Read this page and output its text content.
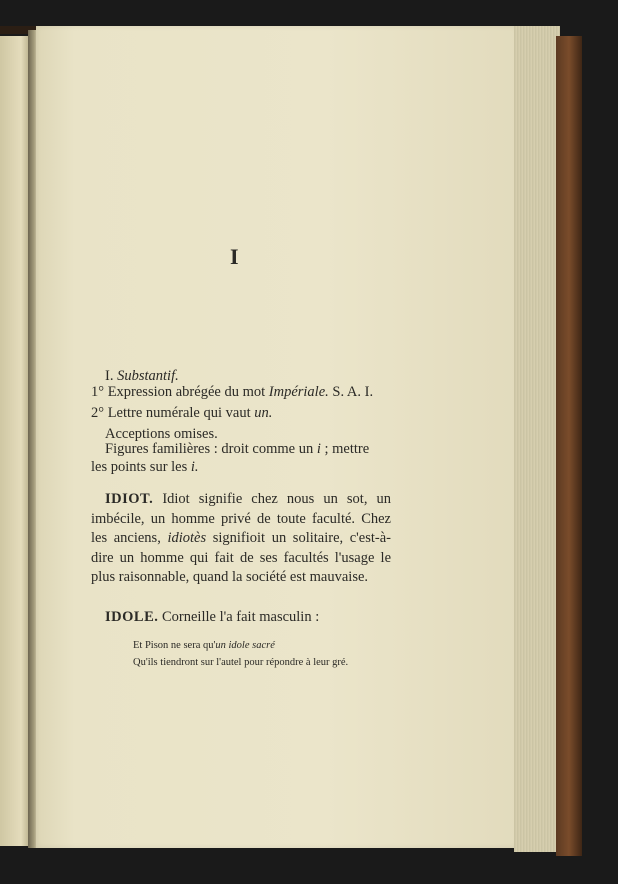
I
I. Substantif.
1° Expression abrégée du mot Impériale. S. A. I.
2° Lettre numérale qui vaut un.
Acceptions omises.
Figures familières : droit comme un i ; mettre
les points sur les i.
IDIOT. Idiot signifie chez nous un sot, un imbécile, un homme privé de toute faculté. Chez les anciens, idiotès signifioit un solitaire, c'est-à-dire un homme qui fait de ses facultés l'usage le plus raisonnable, quand la société est mauvaise.
IDOLE. Corneille l'a fait masculin :
Et Pison ne sera qu'un idole sacré
Qu'ils tiendront sur l'autel pour répondre à leur gré.
